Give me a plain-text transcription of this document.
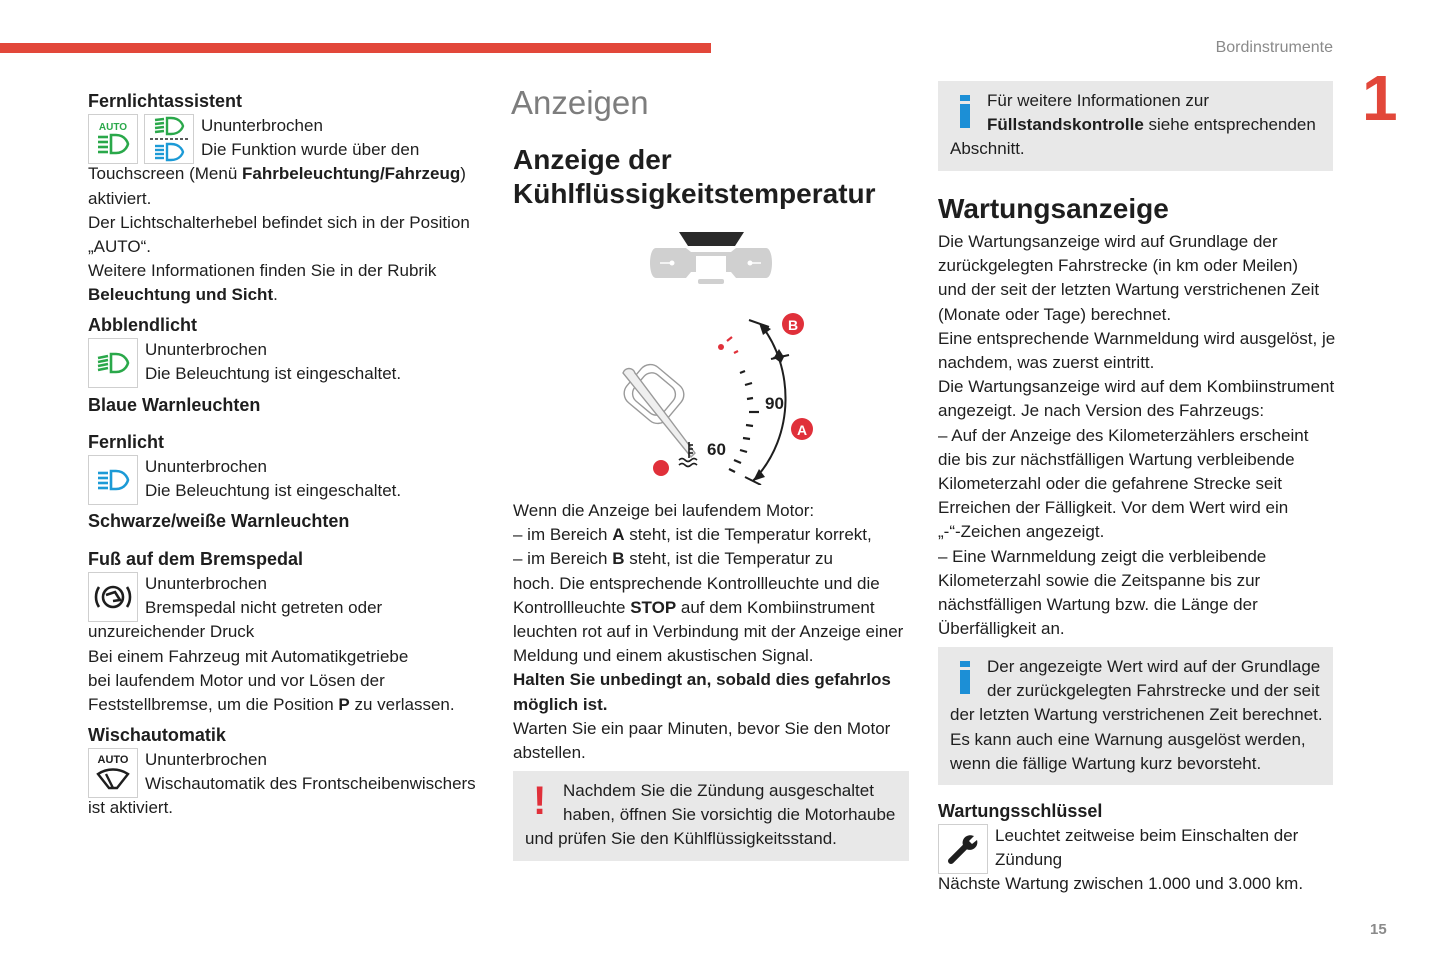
Bordinstrumente
1
15
Fernlichtassistent
AUTO	Ununterbrochen
Die Funktion wurde über den

Touchscreen (Menü Fahrbeleuchtung/Fahrzeug)

aktiviert.

Der Lichtschalterhebel befindet sich in der Position

„AUTO“.

Weitere Informationen finden Sie in der Rubrik

Beleuchtung und Sicht.

Abblendlicht
Ununterbrochen
Die Beleuchtung ist eingeschaltet.
Blaue Warnleuchten
Fernlicht
Ununterbrochen
Die Beleuchtung ist eingeschaltet.
Schwarze/weiße Warnleuchten
Fuß auf dem Bremspedal
Ununterbrochen
Bremspedal nicht getreten oder

unzureichender Druck

Bei einem Fahrzeug mit Automatikgetriebe

bei laufendem Motor und vor Lösen der

Feststellbremse, um die Position P zu verlassen.

Wischautomatik
AUTO Ununterbrochen
Wischautomatik des Frontscheibenwischers

ist aktiviert.

Anzeigen
Anzeige der
Kühlflüssigkeitstemperatur
90
60
B
A

Wenn die Anzeige bei laufendem Motor:

– im Bereich A steht, ist die Temperatur korrekt,

– im Bereich B steht, ist die Temperatur zu

hoch. Die entsprechende Kontrollleuchte und die

Kontrollleuchte STOP auf dem Kombiinstrument

leuchten rot auf in Verbindung mit der Anzeige einer

Meldung und einem akustischen Signal.

Halten Sie unbedingt an, sobald dies gefahrlos

möglich ist.

Warten Sie ein paar Minuten, bevor Sie den Motor

abstellen.

! Nachdem Sie die Zündung ausgeschaltet

haben, öffnen Sie vorsichtig die Motorhaube

und prüfen Sie den Kühlflüssigkeitsstand.

Für weitere Informationen zur

Füllstandskontrolle siehe entsprechenden

Abschnitt.

Wartungsanzeige

Die Wartungsanzeige wird auf Grundlage der

zurückgelegten Fahrstrecke (in km oder Meilen)

und der seit der letzten Wartung verstrichenen Zeit

(Monate oder Tage) berechnet.

Eine entsprechende Warnmeldung wird ausgelöst, je

nachdem, was zuerst eintritt.

Die Wartungsanzeige wird auf dem Kombiinstrument

angezeigt. Je nach Version des Fahrzeugs:

– Auf der Anzeige des Kilometerzählers erscheint

die bis zur nächstfälligen Wartung verbleibende

Kilometerzahl oder die gefahrene Strecke seit

Erreichen der Fälligkeit. Vor dem Wert wird ein

„-“-Zeichen angezeigt.

– Eine Warnmeldung zeigt die verbleibende

Kilometerzahl sowie die Zeitspanne bis zur

nächstfälligen Wartung bzw. die Länge der

Überfälligkeit an.

Der angezeigte Wert wird auf der Grundlage

der zurückgelegten Fahrstrecke und der seit

der letzten Wartung verstrichenen Zeit berechnet.

Es kann auch eine Warnung ausgelöst werden,

wenn die fällige Wartung kurz bevorsteht.

Wartungsschlüssel
Leuchtet zeitweise beim Einschalten der
Zündung

Nächste Wartung zwischen 1.000 und 3.000 km.
